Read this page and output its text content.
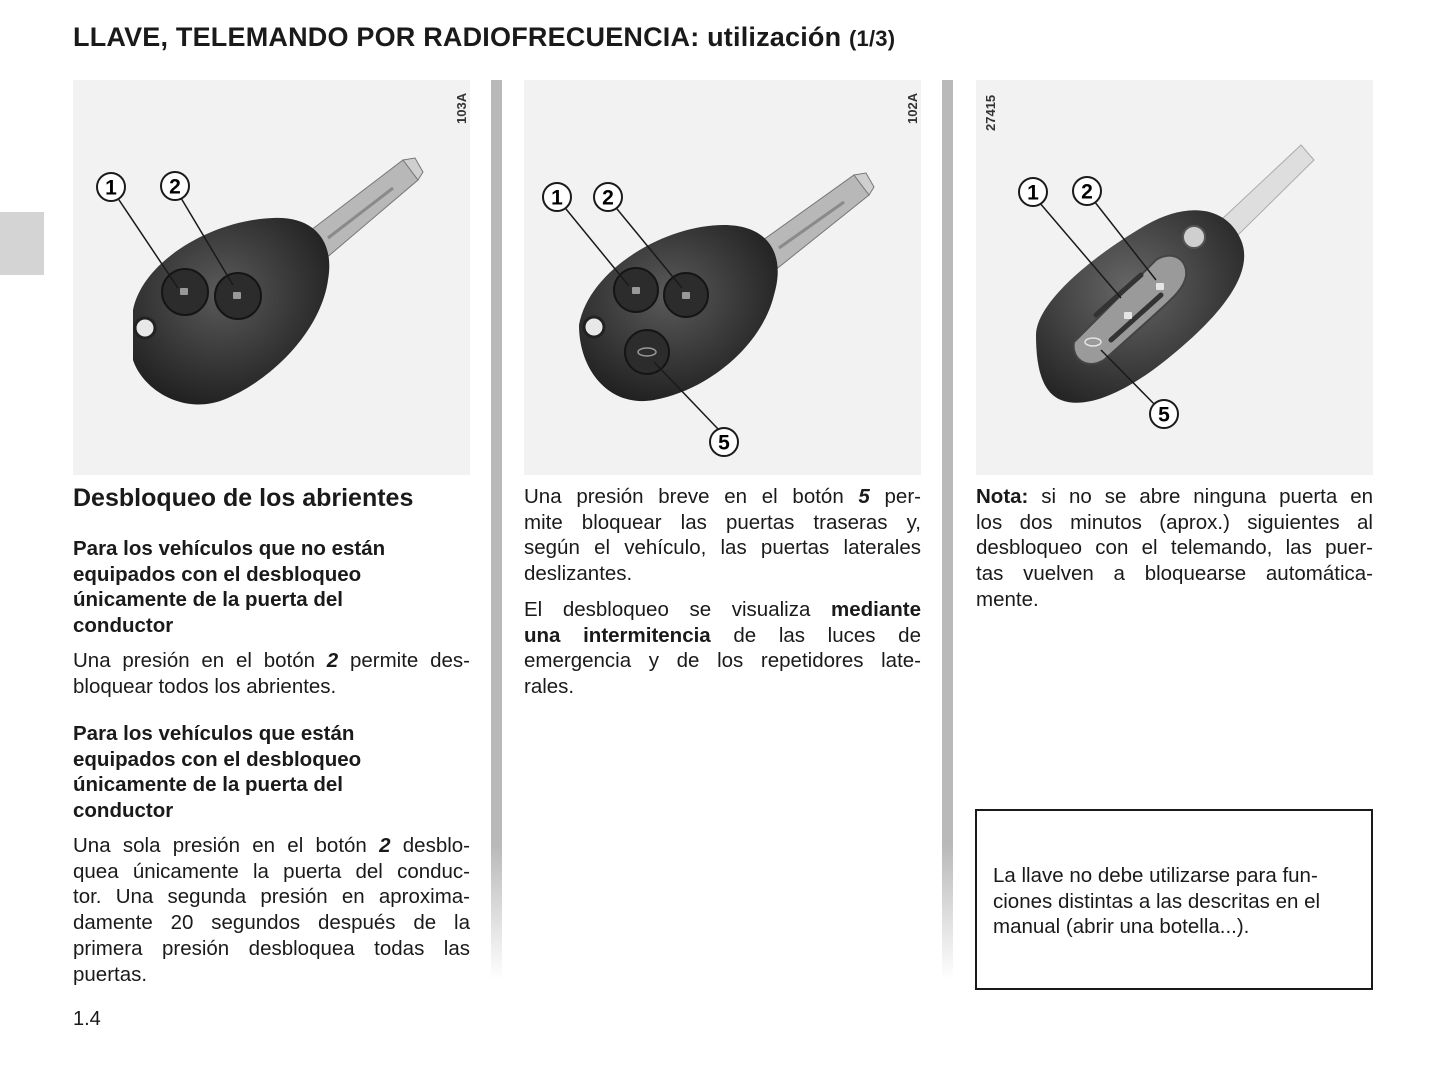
LLAVE, TELEMANDO POR RADIOFRECUENCIA: utilización (1/3)
1 2
103A
1 2
5
102A
1 2
5
27415
Desbloqueo de los abrientes
Para los vehículos que no están
equipados con el desbloqueo
únicamente de la puerta del
conductor
Una presión en el botón 2 permite des-
bloquear todos los abrientes.
Para los vehículos que están
equipados con el desbloqueo
únicamente de la puerta del
conductor
Una sola presión en el botón 2 desblo-
quea únicamente la puerta del conduc-
tor. Una segunda presión en aproxima-
damente 20 segundos después de la
primera presión desbloquea todas las
puertas.
Una presión breve en el botón 5 per-
mite bloquear las puertas traseras y,
según el vehículo, las puertas laterales
deslizantes.
El desbloqueo se visualiza mediante
una intermitencia de las luces de
emergencia y de los repetidores late-
rales.
Nota: si no se abre ninguna puerta en
los dos minutos (aprox.) siguientes al
desbloqueo con el telemando, las puer-
tas vuelven a bloquearse automática-
mente.
La llave no debe utilizarse para fun-
ciones distintas a las descritas en el
manual (abrir una botella...).
1.4
